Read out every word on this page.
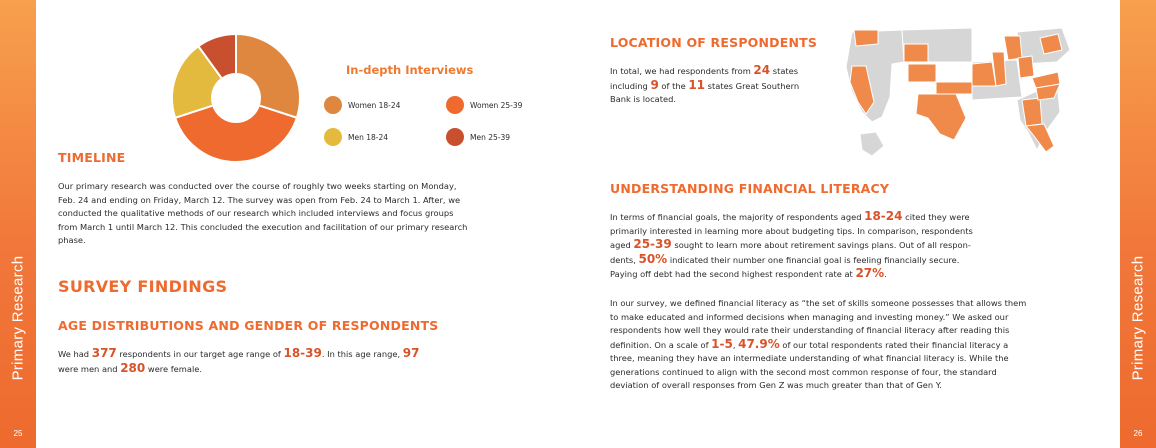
Primary Research
25
In-depth Interviews
Women 18-24	Women 25-39
Men 18-24	Men 25-39
TIMELINE
Our primary research was conducted over the course of roughly two weeks starting on Monday, Feb. 24 and ending on Friday, March 12. The survey was open from Feb. 24 to March 1. After, we conducted the qualitative methods of our research which included interviews and focus groups from March 1 until March 12. This concluded the execution and facilitation of our primary research phase.
SURVEY FINDINGS
AGE DISTRIBUTIONS AND GENDER OF RESPONDENTS
We had 377 respondents in our target age range of 18-39. In this age range, 97
were men and 280 were female.
LOCATION OF RESPONDENTS
In total, we had respondents from 24 states
including 9 of the 11 states Great Southern
Bank is located.
UNDERSTANDING FINANCIAL LITERACY
In terms of financial goals, the majority of respondents aged 18-24 cited they were
primarily interested in learning more about budgeting tips. In comparison, respondents
aged 25-39 sought to learn more about retirement savings plans. Out of all respon-
dents, 50% indicated their number one financial goal is feeling financially secure.
Paying off debt had the second highest respondent rate at 27%.
In our survey, we defined financial literacy as “the set of skills someone possesses that allows them to make educated and informed decisions when managing and investing money.” We asked our respondents how well they would rate their understanding of financial literacy after reading this definition. On a scale of 1-5, 47.9% of our total respondents rated their financial literacy a three, meaning they have an intermediate understanding of what financial literacy is. While the generations continued to align with the second most common response of four, the standard deviation of overall responses from Gen Z was much greater than that of Gen Y.
Primary Research
26
